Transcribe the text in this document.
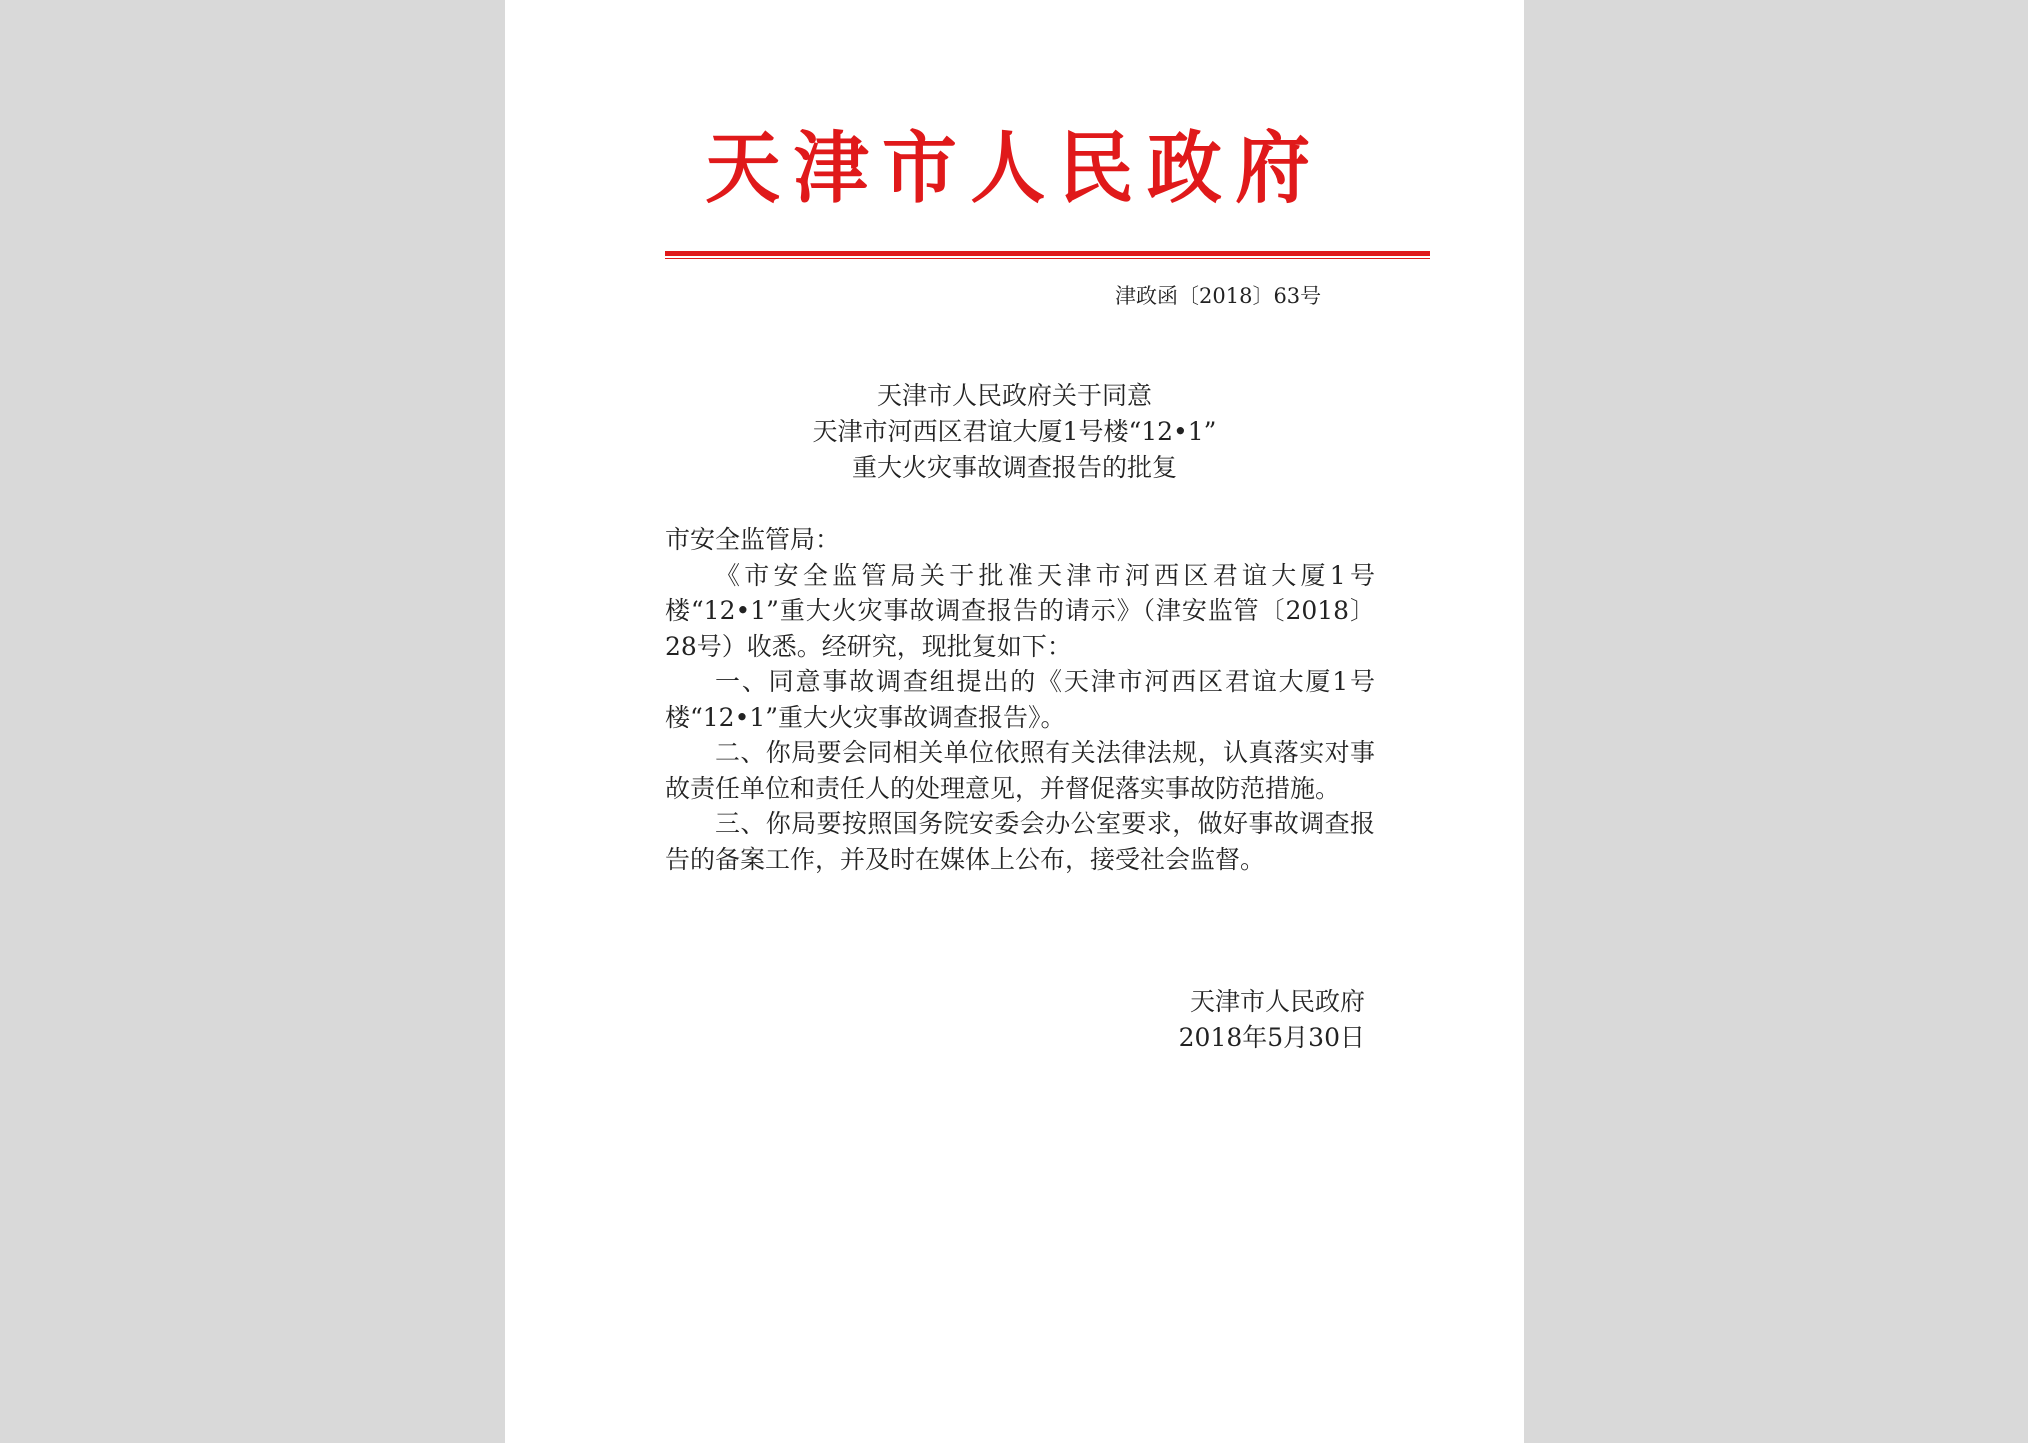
天津市人民政府
津政函〔2018〕63号
天津市人民政府关于同意
天津市河西区君谊大厦1号楼“12•1”
重大火灾事故调查报告的批复

市安全监管局：

《市安全监管局关于批准天津市河西区君谊大厦1号楼“12•1”重大火灾事故调查报告的请示》（津安监管〔2018〕28号）收悉。经研究，现批复如下：

一、同意事故调查组提出的《天津市河西区君谊大厦1号楼“12•1”重大火灾事故调查报告》。

二、你局要会同相关单位依照有关法律法规，认真落实对事故责任单位和责任人的处理意见，并督促落实事故防范措施。

三、你局要按照国务院安委会办公室要求，做好事故调查报告的备案工作，并及时在媒体上公布，接受社会监督。

天津市人民政府
2018年5月30日
